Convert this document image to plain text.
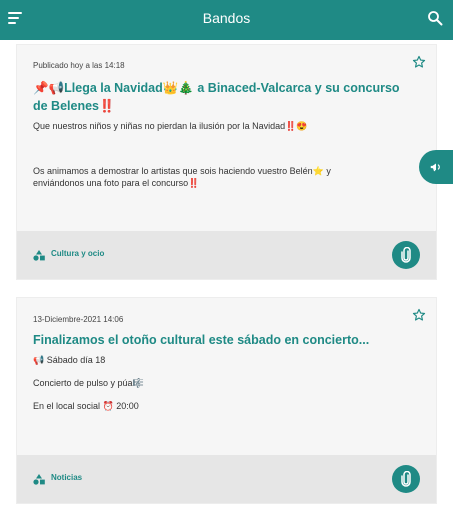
Bandos
Publicado hoy a las 14:18
📌📢Llega la Navidad👑🎄 a Binaced-Valcarca y su concurso
de Belenes‼️
Que nuestros niños y niñas no pierdan la ilusión por la Navidad‼️😍
Os animamos a demostrar lo artistas que sois haciendo vuestro Belén⭐ y
enviándonos una foto para el concurso‼️
Cultura y ocio
13-Diciembre-2021 14:06
Finalizamos el otoño cultural este sábado en concierto...
📢 Sábado día 18
Concierto de pulso y púa🎼
En el local social ⏰ 20:00
Noticias
